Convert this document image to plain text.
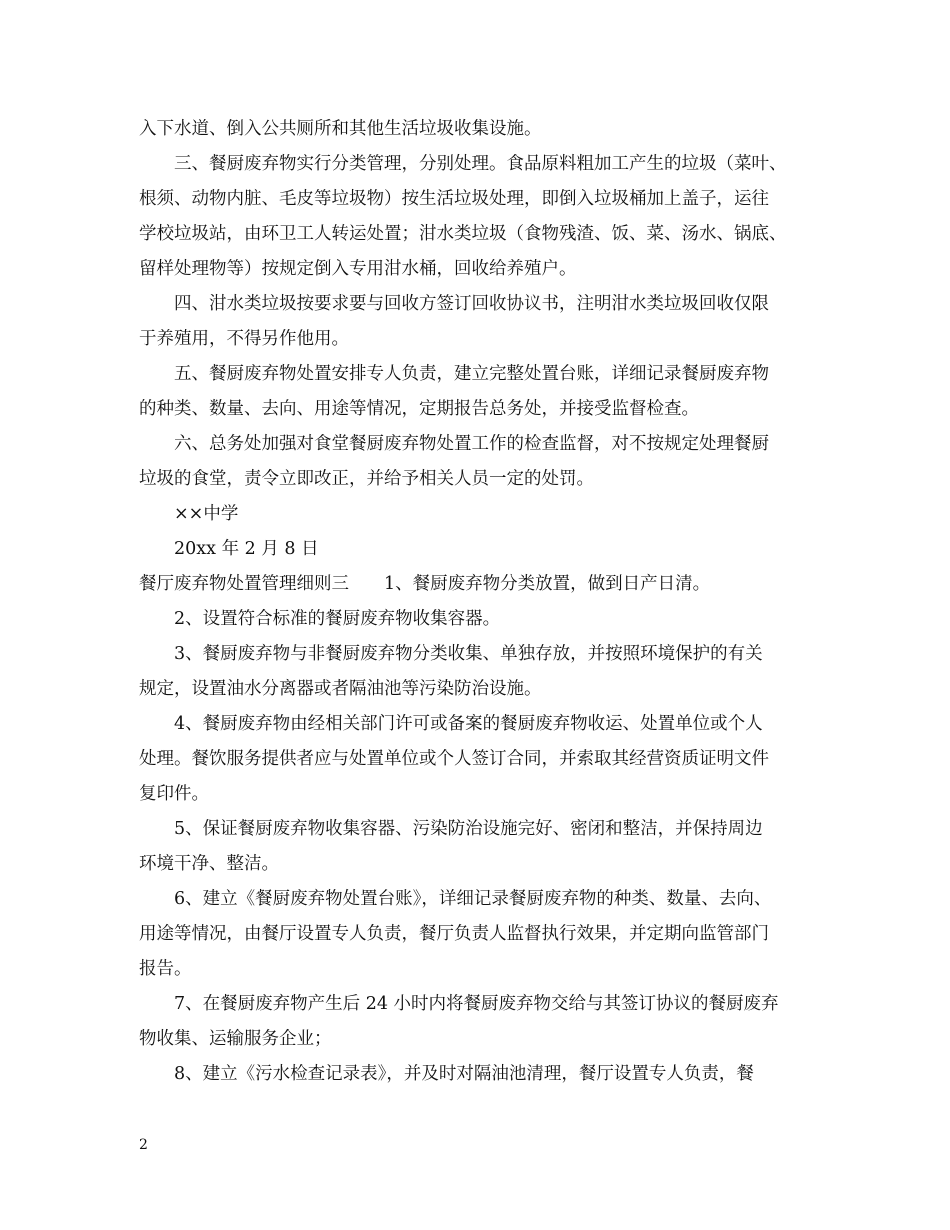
入下水道、倒入公共厕所和其他生活垃圾收集设施。
三、餐厨废弃物实行分类管理，分别处理。食品原料粗加工产生的垃圾（菜叶、
根须、动物内脏、毛皮等垃圾物）按生活垃圾处理，即倒入垃圾桶加上盖子，运往
学校垃圾站，由环卫工人转运处置；泔水类垃圾（食物残渣、饭、菜、汤水、锅底、
留样处理物等）按规定倒入专用泔水桶，回收给养殖户。
四、泔水类垃圾按要求要与回收方签订回收协议书，注明泔水类垃圾回收仅限
于养殖用，不得另作他用。
五、餐厨废弃物处置安排专人负责，建立完整处置台账，详细记录餐厨废弃物
的种类、数量、去向、用途等情况，定期报告总务处，并接受监督检查。
六、总务处加强对食堂餐厨废弃物处置工作的检查监督，对不按规定处理餐厨
垃圾的食堂，责令立即改正，并给予相关人员一定的处罚。
××中学
20xx 年 2 月 8 日
餐厅废弃物处置管理细则三　　1、餐厨废弃物分类放置，做到日产日清。
2、设置符合标准的餐厨废弃物收集容器。
3、餐厨废弃物与非餐厨废弃物分类收集、单独存放，并按照环境保护的有关
规定，设置油水分离器或者隔油池等污染防治设施。
4、餐厨废弃物由经相关部门许可或备案的餐厨废弃物收运、处置单位或个人
处理。餐饮服务提供者应与处置单位或个人签订合同，并索取其经营资质证明文件
复印件。
5、保证餐厨废弃物收集容器、污染防治设施完好、密闭和整洁，并保持周边
环境干净、整洁。
6、建立《餐厨废弃物处置台账》，详细记录餐厨废弃物的种类、数量、去向、
用途等情况，由餐厅设置专人负责，餐厅负责人监督执行效果，并定期向监管部门
报告。
7、在餐厨废弃物产生后 24 小时内将餐厨废弃物交给与其签订协议的餐厨废弃
物收集、运输服务企业；
8、建立《污水检查记录表》，并及时对隔油池清理，餐厅设置专人负责，餐
2
